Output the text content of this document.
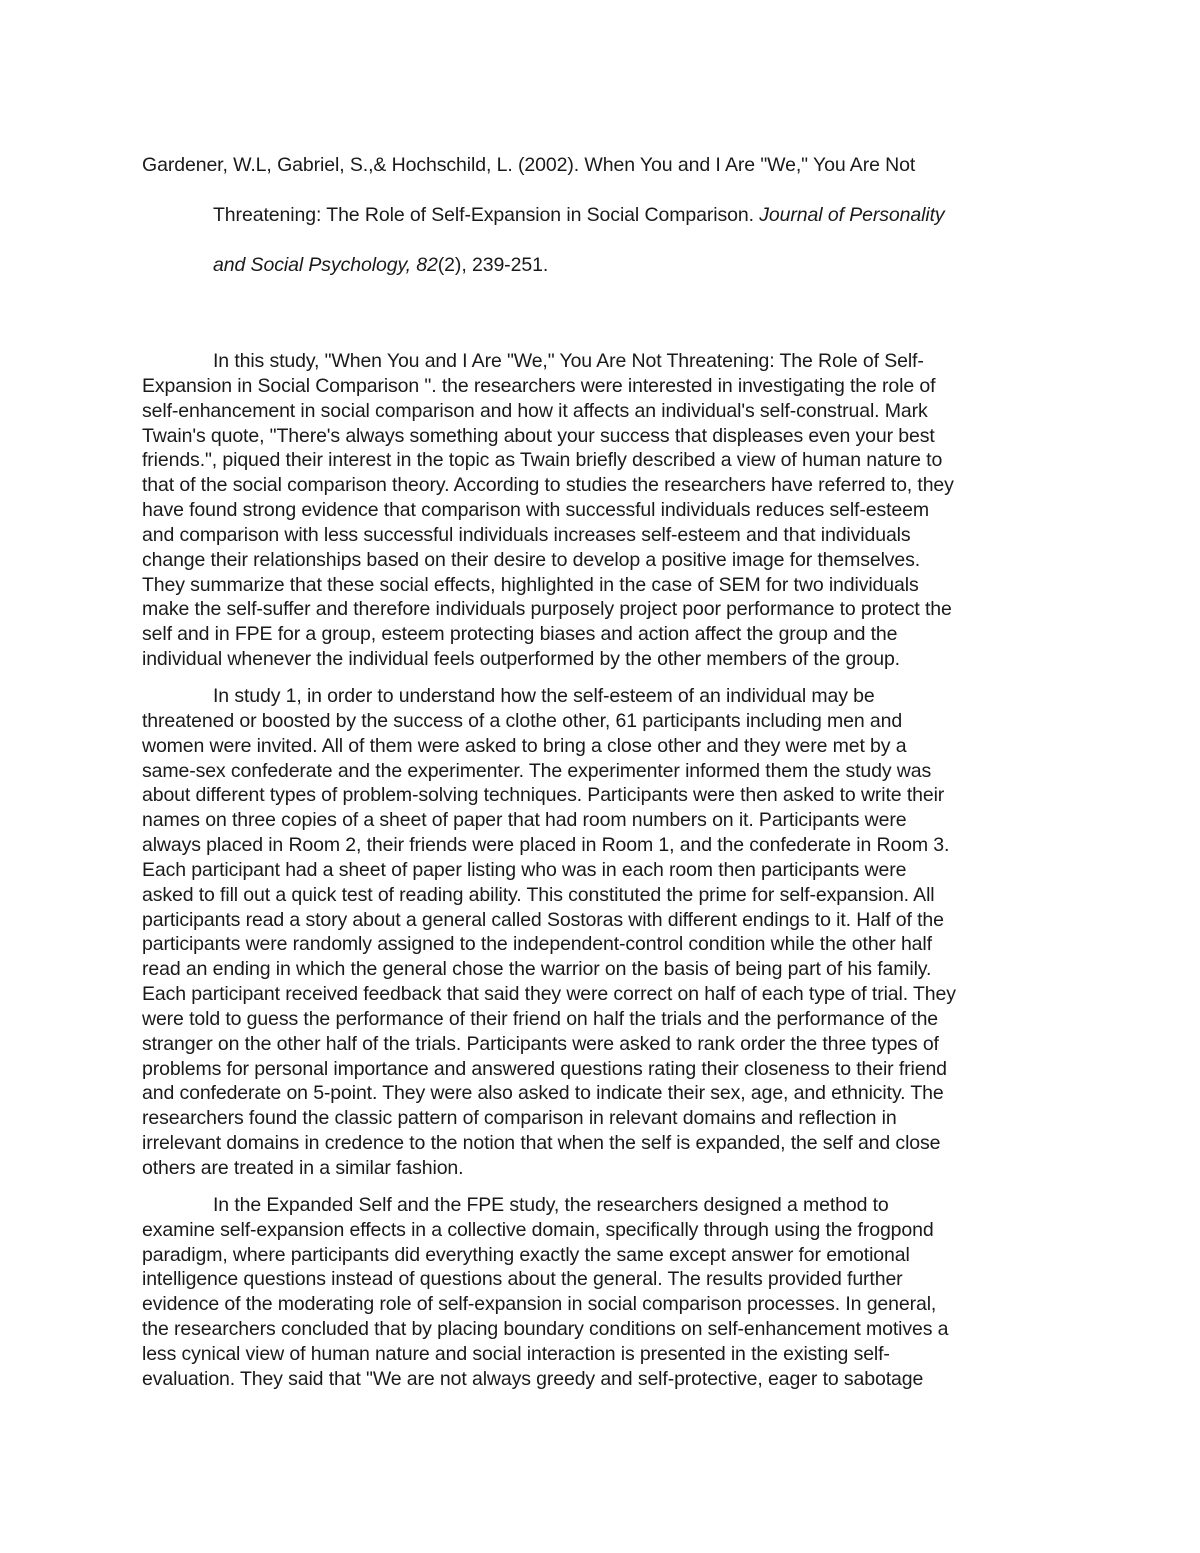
Gardener, W.L, Gabriel, S.,& Hochschild, L. (2002). When You and I Are "We," You Are Not
Threatening: The Role of Self-Expansion in Social Comparison. Journal of Personality
and Social Psychology, 82(2), 239-251.
In this study, "When You and I Are "We," You Are Not Threatening: The Role of Self-
Expansion in Social Comparison ". the researchers were interested in investigating the role of
self-enhancement in social comparison and how it affects an individual's self-construal. Mark
Twain's quote, "There's always something about your success that displeases even your best
friends.", piqued their interest in the topic as Twain briefly described a view of human nature to
that of the social comparison theory. According to studies the researchers have referred to, they
have found strong evidence that comparison with successful individuals reduces self-esteem
and comparison with less successful individuals increases self-esteem and that individuals
change their relationships based on their desire to develop a positive image for themselves.
They summarize that these social effects, highlighted in the case of SEM for two individuals
make the self-suffer and therefore individuals purposely project poor performance to protect the
self and in FPE for a group, esteem protecting biases and action affect the group and the
individual whenever the individual feels outperformed by the other members of the group.
In study 1, in order to understand how the self-esteem of an individual may be
threatened or boosted by the success of a clothe other, 61 participants including men and
women were invited. All of them were asked to bring a close other and they were met by a
same-sex confederate and the experimenter. The experimenter informed them the study was
about different types of problem-solving techniques. Participants were then asked to write their
names on three copies of a sheet of paper that had room numbers on it. Participants were
always placed in Room 2, their friends were placed in Room 1, and the confederate in Room 3.
Each participant had a sheet of paper listing who was in each room then participants were
asked to fill out a quick test of reading ability. This constituted the prime for self-expansion. All
participants read a story about a general called Sostoras with different endings to it. Half of the
participants were randomly assigned to the independent-control condition while the other half
read an ending in which the general chose the warrior on the basis of being part of his family.
Each participant received feedback that said they were correct on half of each type of trial. They
were told to guess the performance of their friend on half the trials and the performance of the
stranger on the other half of the trials. Participants were asked to rank order the three types of
problems for personal importance and answered questions rating their closeness to their friend
and confederate on 5-point. They were also asked to indicate their sex, age, and ethnicity. The
researchers found the classic pattern of comparison in relevant domains and reflection in
irrelevant domains in credence to the notion that when the self is expanded, the self and close
others are treated in a similar fashion.
In the Expanded Self and the FPE study, the researchers designed a method to
examine self-expansion effects in a collective domain, specifically through using the frogpond
paradigm, where participants did everything exactly the same except answer for emotional
intelligence questions instead of questions about the general. The results provided further
evidence of the moderating role of self-expansion in social comparison processes. In general,
the researchers concluded that by placing boundary conditions on self-enhancement motives a
less cynical view of human nature and social interaction is presented in the existing self-
evaluation. They said that "We are not always greedy and self-protective, eager to sabotage
